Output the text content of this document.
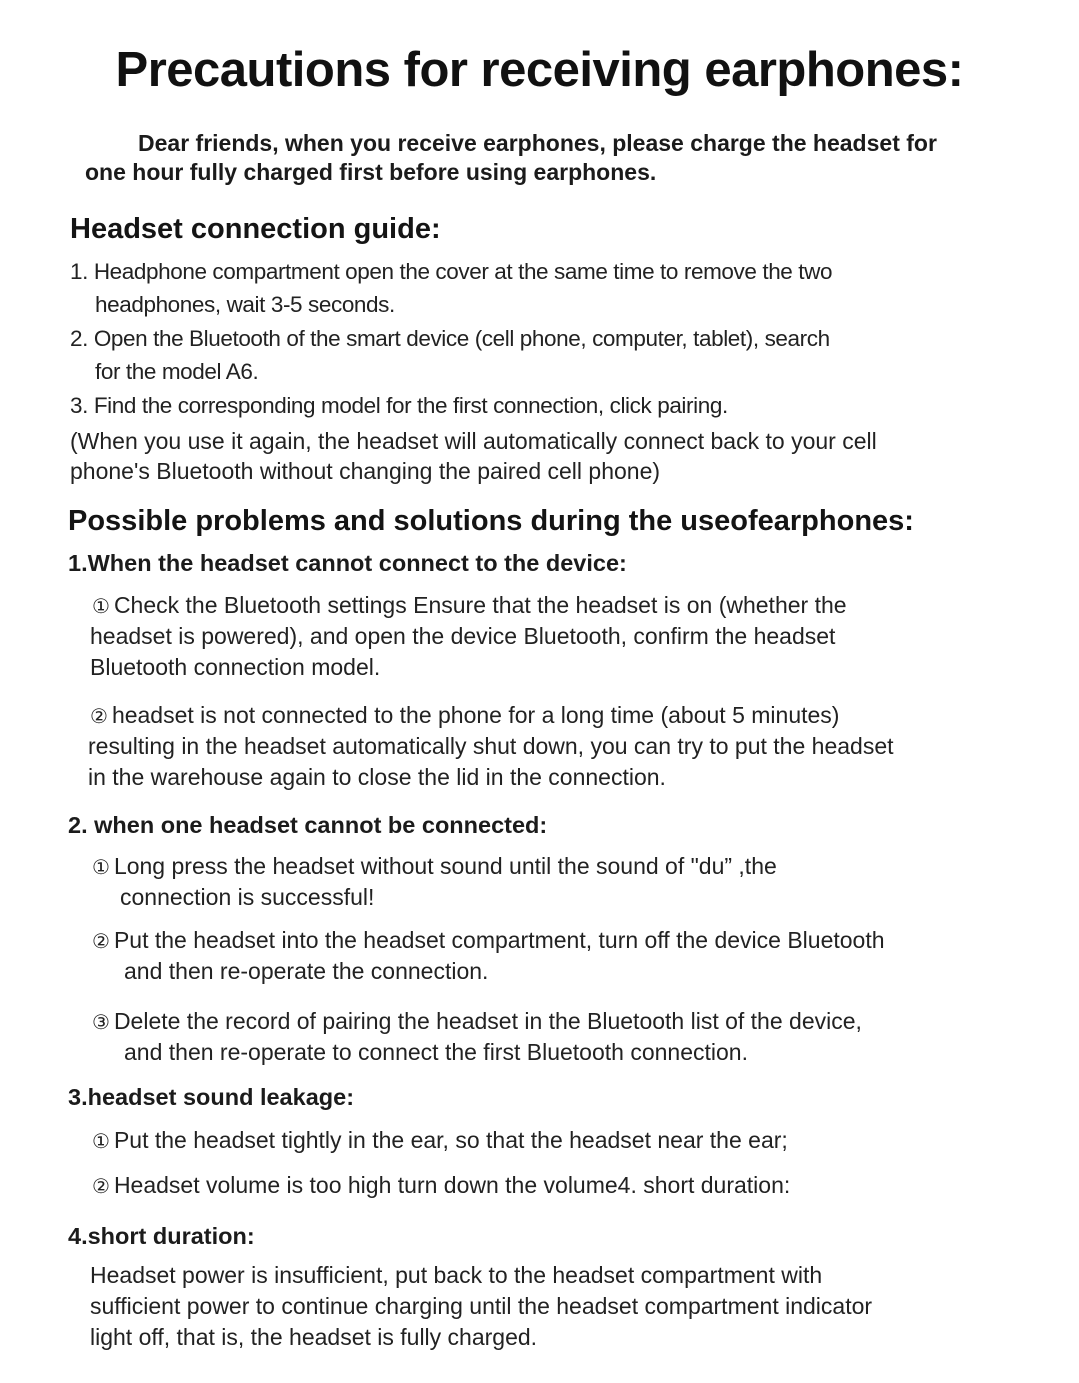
Precautions for receiving earphones:
Dear friends, when you receive earphones, please charge the headset for
one hour fully charged first before using earphones.
Headset connection guide:
1. Headphone compartment open the cover at the same time to remove the two
headphones, wait 3-5 seconds.
2. Open the Bluetooth of the smart device (cell phone, computer, tablet), search
for the model A6.
3. Find the corresponding model for the first connection, click pairing.
(When you use it again, the headset will automatically connect back to your cell
phone's Bluetooth without changing the paired cell phone)
Possible problems and solutions during the useofearphones:
1.When the headset cannot connect to the device:
① Check the Bluetooth settings Ensure that the headset is on (whether the
headset is powered), and open the device Bluetooth, confirm the headset
Bluetooth connection model.
② headset is not connected to the phone for a long time (about 5 minutes)
resulting in the headset automatically shut down, you can try to put the headset
in the warehouse again to close the lid in the connection.
2. when one headset cannot be connected:
① Long press the headset without sound until the sound of "du” ,the
connection is successful!
② Put the headset into the headset compartment, turn off the device Bluetooth
and then re-operate the connection.
③ Delete the record of pairing the headset in the Bluetooth list of the device,
and then re-operate to connect the first Bluetooth connection.
3.headset sound leakage:
① Put the headset tightly in the ear, so that the headset near the ear;
② Headset volume is too high turn down the volume4. short duration:
4.short duration:
Headset power is insufficient, put back to the headset compartment with
sufficient power to continue charging until the headset compartment indicator
light off, that is, the headset is fully charged.
